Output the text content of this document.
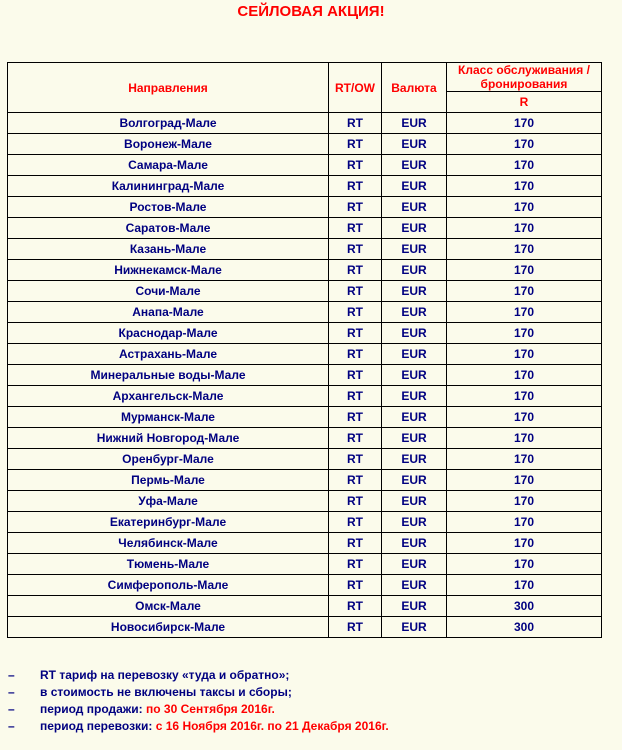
СЕЙЛОВАЯ АКЦИЯ!
Направления	RT/OW	Валюта	Класс обслуживания / бронирования
			R
Волгоград-Мале	RT	EUR	170
Воронеж-Мале	RT	EUR	170
Самара-Мале	RT	EUR	170
Калининград-Мале	RT	EUR	170
Ростов-Мале	RT	EUR	170
Саратов-Мале	RT	EUR	170
Казань-Мале	RT	EUR	170
Нижнекамск-Мале	RT	EUR	170
Сочи-Мале	RT	EUR	170
Анапа-Мале	RT	EUR	170
Краснодар-Мале	RT	EUR	170
Астрахань-Мале	RT	EUR	170
Минеральные воды-Мале	RT	EUR	170
Архангельск-Мале	RT	EUR	170
Мурманск-Мале	RT	EUR	170
Нижний Новгород-Мале	RT	EUR	170
Оренбург-Мале	RT	EUR	170
Пермь-Мале	RT	EUR	170
Уфа-Мале	RT	EUR	170
Екатеринбург-Мале	RT	EUR	170
Челябинск-Мале	RT	EUR	170
Тюмень-Мале	RT	EUR	170
Симферополь-Мале	RT	EUR	170
Омск-Мале	RT	EUR	300
Новосибирск-Мале	RT	EUR	300
– RT тариф на перевозку «туда и обратно»;
– в стоимость не включены таксы и сборы;
– период продажи: по 30 Сентября 2016г.
– период перевозки: с 16 Ноября 2016г. по 21 Декабря 2016г.
